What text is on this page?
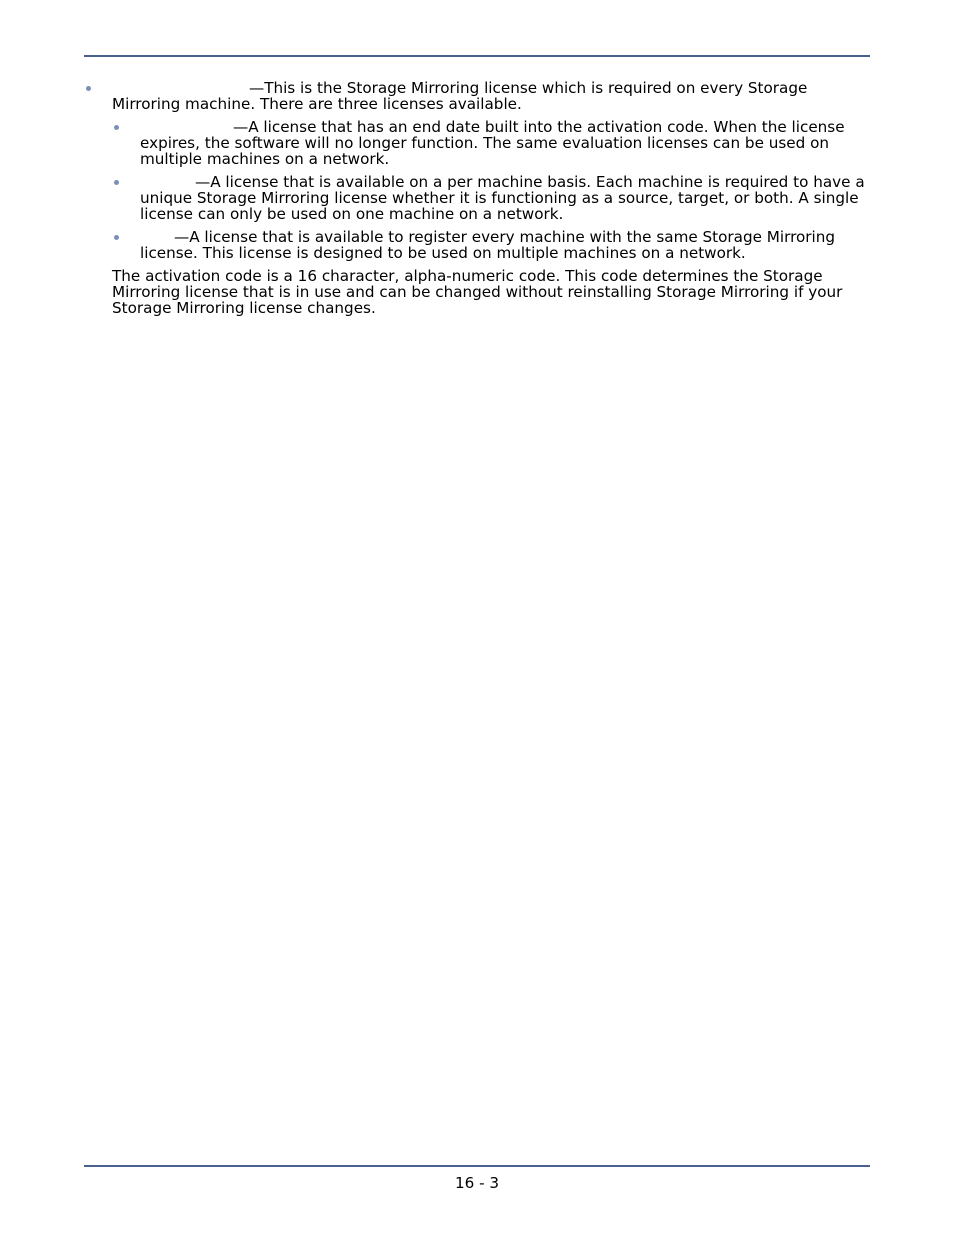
—This is the Storage Mirroring license which is required on every Storage Mirroring machine. There are three licenses available.
—A license that has an end date built into the activation code. When the license expires, the software will no longer function. The same evaluation licenses can be used on multiple machines on a network.
—A license that is available on a per machine basis. Each machine is required to have a unique Storage Mirroring license whether it is functioning as a source, target, or both. A single license can only be used on one machine on a network.
—A license that is available to register every machine with the same Storage Mirroring license. This license is designed to be used on multiple machines on a network.

The activation code is a 16 character, alpha-numeric code. This code determines the Storage Mirroring license that is in use and can be changed without reinstalling Storage Mirroring if your Storage Mirroring license changes.

16 - 3
